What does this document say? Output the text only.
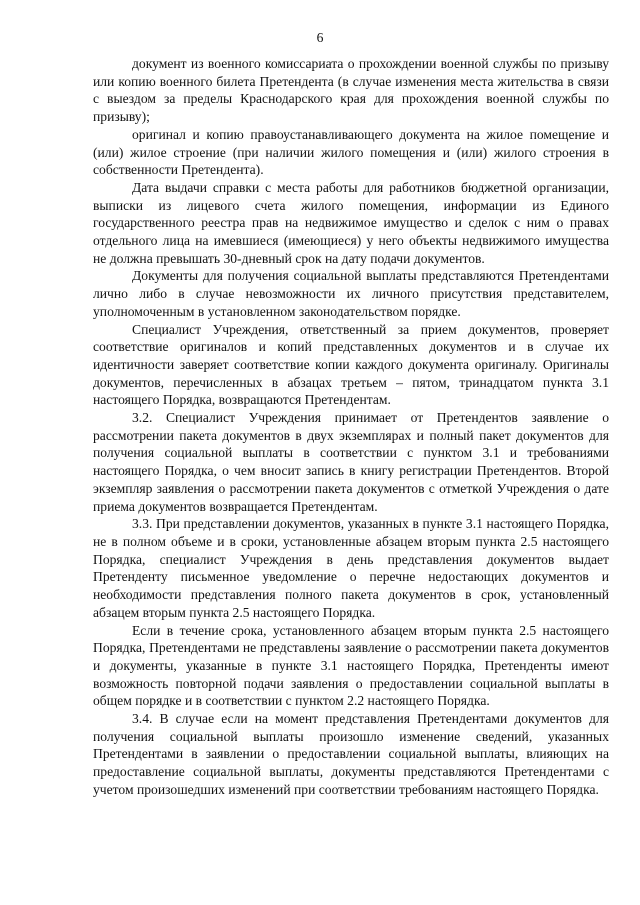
6

документ из военного комиссариата о прохождении военной службы по призыву или копию военного билета Претендента (в случае изменения места жительства в связи с выездом за пределы Краснодарского края для прохождения военной службы по призыву);

оригинал и копию правоустанавливающего документа на жилое помещение и (или) жилое строение (при наличии жилого помещения и (или) жилого строения в собственности Претендента).

Дата выдачи справки с места работы для работников бюджетной организации, выписки из лицевого счета жилого помещения, информации из Единого государственного реестра прав на недвижимое имущество и сделок с ним о правах отдельного лица на имевшиеся (имеющиеся) у него объекты недвижимого имущества не должна превышать 30-дневный срок на дату подачи документов.

Документы для получения социальной выплаты представляются Претендентами лично либо в случае невозможности их личного присутствия представителем, уполномоченным в установленном законодательством порядке.

Специалист Учреждения, ответственный за прием документов, проверяет соответствие оригиналов и копий представленных документов и в случае их идентичности заверяет соответствие копии каждого документа оригиналу. Оригиналы документов, перечисленных в абзацах третьем – пятом, тринадцатом пункта 3.1 настоящего Порядка, возвращаются Претендентам.

3.2. Специалист Учреждения принимает от Претендентов заявление о рассмотрении пакета документов в двух экземплярах и полный пакет документов для получения социальной выплаты в соответствии с пунктом 3.1 и требованиями настоящего Порядка, о чем вносит запись в книгу регистрации Претендентов. Второй экземпляр заявления о рассмотрении пакета документов с отметкой Учреждения о дате приема документов возвращается Претендентам.

3.3. При представлении документов, указанных в пункте 3.1 настоящего Порядка, не в полном объеме и в сроки, установленные абзацем вторым пункта 2.5 настоящего Порядка, специалист Учреждения в день представления документов выдает Претенденту письменное уведомление о перечне недостающих документов и необходимости представления полного пакета документов в срок, установленный абзацем вторым пункта 2.5 настоящего Порядка.

Если в течение срока, установленного абзацем вторым пункта 2.5 настоящего Порядка, Претендентами не представлены заявление о рассмотрении пакета документов и документы, указанные в пункте 3.1 настоящего Порядка, Претенденты имеют возможность повторной подачи заявления о предоставлении социальной выплаты в общем порядке и в соответствии с пунктом 2.2 настоящего Порядка.

3.4. В случае если на момент представления Претендентами документов для получения социальной выплаты произошло изменение сведений, указанных Претендентами в заявлении о предоставлении социальной выплаты, влияющих на предоставление социальной выплаты, документы представляются Претендентами с учетом произошедших изменений при соответствии требованиям настоящего Порядка.
